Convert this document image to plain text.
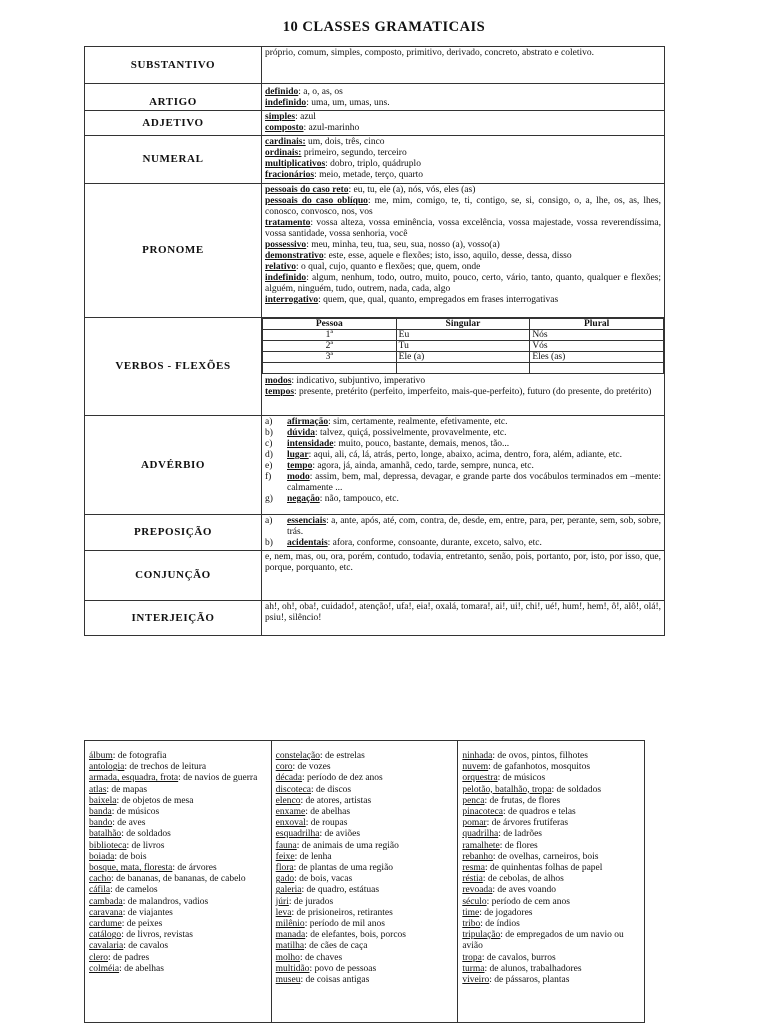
10 CLASSES GRAMATICAIS
SUBSTANTIVO	próprio, comum, simples, composto, primitivo, derivado, concreto, abstrato e coletivo.
ARTIGO	
definido: a, o, as, os
indefinido: uma, um, umas, uns.

ADJETIVO	simples: azul
composto: azul-marinho

NUMERAL	
cardinais: um, dois, três, cinco
ordinais: primeiro, segundo, terceiro
multiplicativos: dobro, triplo, quádruplo
fracionários: meio, metade, terço, quarto

PRONOME	
pessoais do caso reto: eu, tu, ele (a), nós, vós, eles (as)
pessoais do caso oblíquo: me, mim, comigo, te, ti, contigo, se, si, consigo, o, a, lhe, os, as, lhes, conosco, convosco, nos, vos
tratamento: vossa alteza, vossa eminência, vossa excelência, vossa majestade, vossa reverendíssima, vossa santidade, vossa senhoria, você
possessivo: meu, minha, teu, tua, seu, sua, nosso (a), vosso(a)
demonstrativo: este, esse, aquele e flexões; isto, isso, aquilo, desse, dessa, disso
relativo: o qual, cujo, quanto e flexões; que, quem, onde
indefinido: algum, nenhum, todo, outro, muito, pouco, certo, vário, tanto, quanto, qualquer e flexões; alguém, ninguém, tudo, outrem, nada, cada, algo
interrogativo: quem, que, qual, quanto, empregados em frases interrogativas

VERBOS - FLEXÕES	
Pessoa	Singular	Plural
1ª	Eu	Nós
2ª	Tu	Vós
3ª	Ele (a)	Eles (as)

modos: indicativo, subjuntivo, imperativo
tempos: presente, pretérito (perfeito, imperfeito, mais-que-perfeito), futuro (do presente, do pretérito)

ADVÉRBIO	
a)	afirmação: sim, certamente, realmente, efetivamente, etc.
b)	dúvida: talvez, quiçá, possivelmente, provavelmente, etc.
c)	intensidade: muito, pouco, bastante, demais, menos, tão...
d)	lugar: aqui, ali, cá, lá, atrás, perto, longe, abaixo, acima, dentro, fora, além, adiante, etc.
e)	tempo: agora, já, ainda, amanhã, cedo, tarde, sempre, nunca, etc.
f)	modo: assim, bem, mal, depressa, devagar, e grande parte dos vocábulos terminados em –mente: calmamente ...
g)	negação: não, tampouco, etc.

PREPOSIÇÃO	
a)	essenciais: a, ante, após, até, com, contra, de, desde, em, entre, para, per, perante, sem, sob, sobre, trás.
b)	acidentais: afora, conforme, consoante, durante, exceto, salvo, etc.

CONJUNÇÃO	e, nem, mas, ou, ora, porém, contudo, todavia, entretanto, senão, pois, portanto, por, isto, por isso, que, porque, porquanto, etc.
INTERJEIÇÃO	ah!, oh!, oba!, cuidado!, atenção!, ufa!, eia!, oxalá, tomara!, ai!, ui!, chi!, ué!, hum!, hem!, ô!, alô!, olá!, psiu!, silêncio!
álbum: de fotografia
antologia: de trechos de leitura
armada, esquadra, frota: de navios de guerra
atlas: de mapas
baixela: de objetos de mesa
banda: de músicos
bando: de aves
batalhão: de soldados
biblioteca: de livros
boiada: de bois
bosque, mata, floresta: de árvores
cacho: de bananas, de bananas, de cabelo
cáfila: de camelos
cambada: de malandros, vadios
caravana: de viajantes
cardume: de peixes
catálogo: de livros, revistas
cavalaria: de cavalos
clero: de padres
colméia: de abelhas

constelação: de estrelas
coro: de vozes
década: período de dez anos
discoteca: de discos
elenco: de atores, artistas
enxame: de abelhas
enxoval: de roupas
esquadrilha: de aviões
fauna: de animais de uma região
feixe: de lenha
flora: de plantas de uma região
gado: de bois, vacas
galeria: de quadro, estátuas
júri: de jurados
leva: de prisioneiros, retirantes
milênio: período de mil anos
manada: de elefantes, bois, porcos
matilha: de cães de caça
molho: de chaves
multidão: povo de pessoas
museu: de coisas antigas

ninhada: de ovos, pintos, filhotes
nuvem: de gafanhotos, mosquitos
orquestra: de músicos
pelotão, batalhão, tropa: de soldados
penca: de frutas, de flores
pinacoteca: de quadros e telas
pomar: de árvores frutíferas
quadrilha: de ladrões
ramalhete: de flores
rebanho: de ovelhas, carneiros, bois
resma: de quinhentas folhas de papel
réstia: de cebolas, de alhos
revoada: de aves voando
século: período de cem anos
time: de jogadores
tribo: de índios
tripulação: de empregados de um navio ou avião
tropa: de cavalos, burros
turma: de alunos, trabalhadores
viveiro: de pássaros, plantas
